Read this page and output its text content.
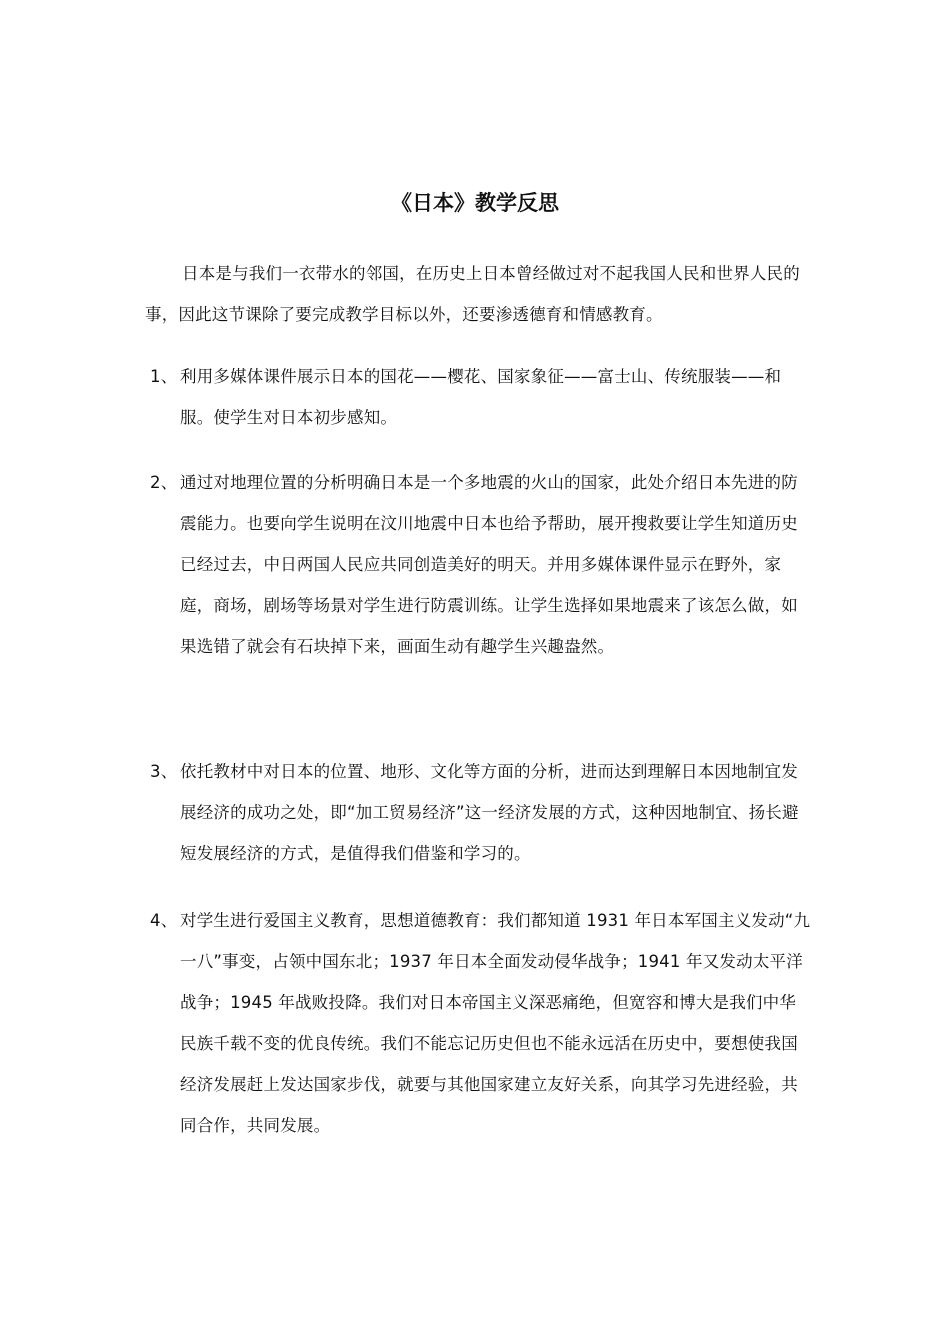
《日本》教学反思

日本是与我们一衣带水的邻国，在历史上日本曾经做过对不起我国人民和世界人民的事，因此这节课除了要完成教学目标以外，还要渗透德育和情感教育。

1、 利用多媒体课件展示日本的国花——樱花、国家象征——富士山、传统服装——和服。使学生对日本初步感知。

2、 通过对地理位置的分析明确日本是一个多地震的火山的国家，此处介绍日本先进的防震能力。也要向学生说明在汶川地震中日本也给予帮助，展开搜救要让学生知道历史已经过去，中日两国人民应共同创造美好的明天。并用多媒体课件显示在野外，家庭，商场，剧场等场景对学生进行防震训练。让学生选择如果地震来了该怎么做，如果选错了就会有石块掉下来，画面生动有趣学生兴趣盎然。

3、 依托教材中对日本的位置、地形、文化等方面的分析，进而达到理解日本因地制宜发展经济的成功之处，即“加工贸易经济”这一经济发展的方式，这种因地制宜、扬长避短发展经济的方式，是值得我们借鉴和学习的。

4、 对学生进行爱国主义教育，思想道德教育：我们都知道 1931 年日本军国主义发动“九一八”事变，占领中国东北；1937 年日本全面发动侵华战争；1941 年又发动太平洋战争；1945 年战败投降。我们对日本帝国主义深恶痛绝，但宽容和博大是我们中华民族千载不变的优良传统。我们不能忘记历史但也不能永远活在历史中，要想使我国经济发展赶上发达国家步伐，就要与其他国家建立友好关系，向其学习先进经验，共同合作，共同发展。
